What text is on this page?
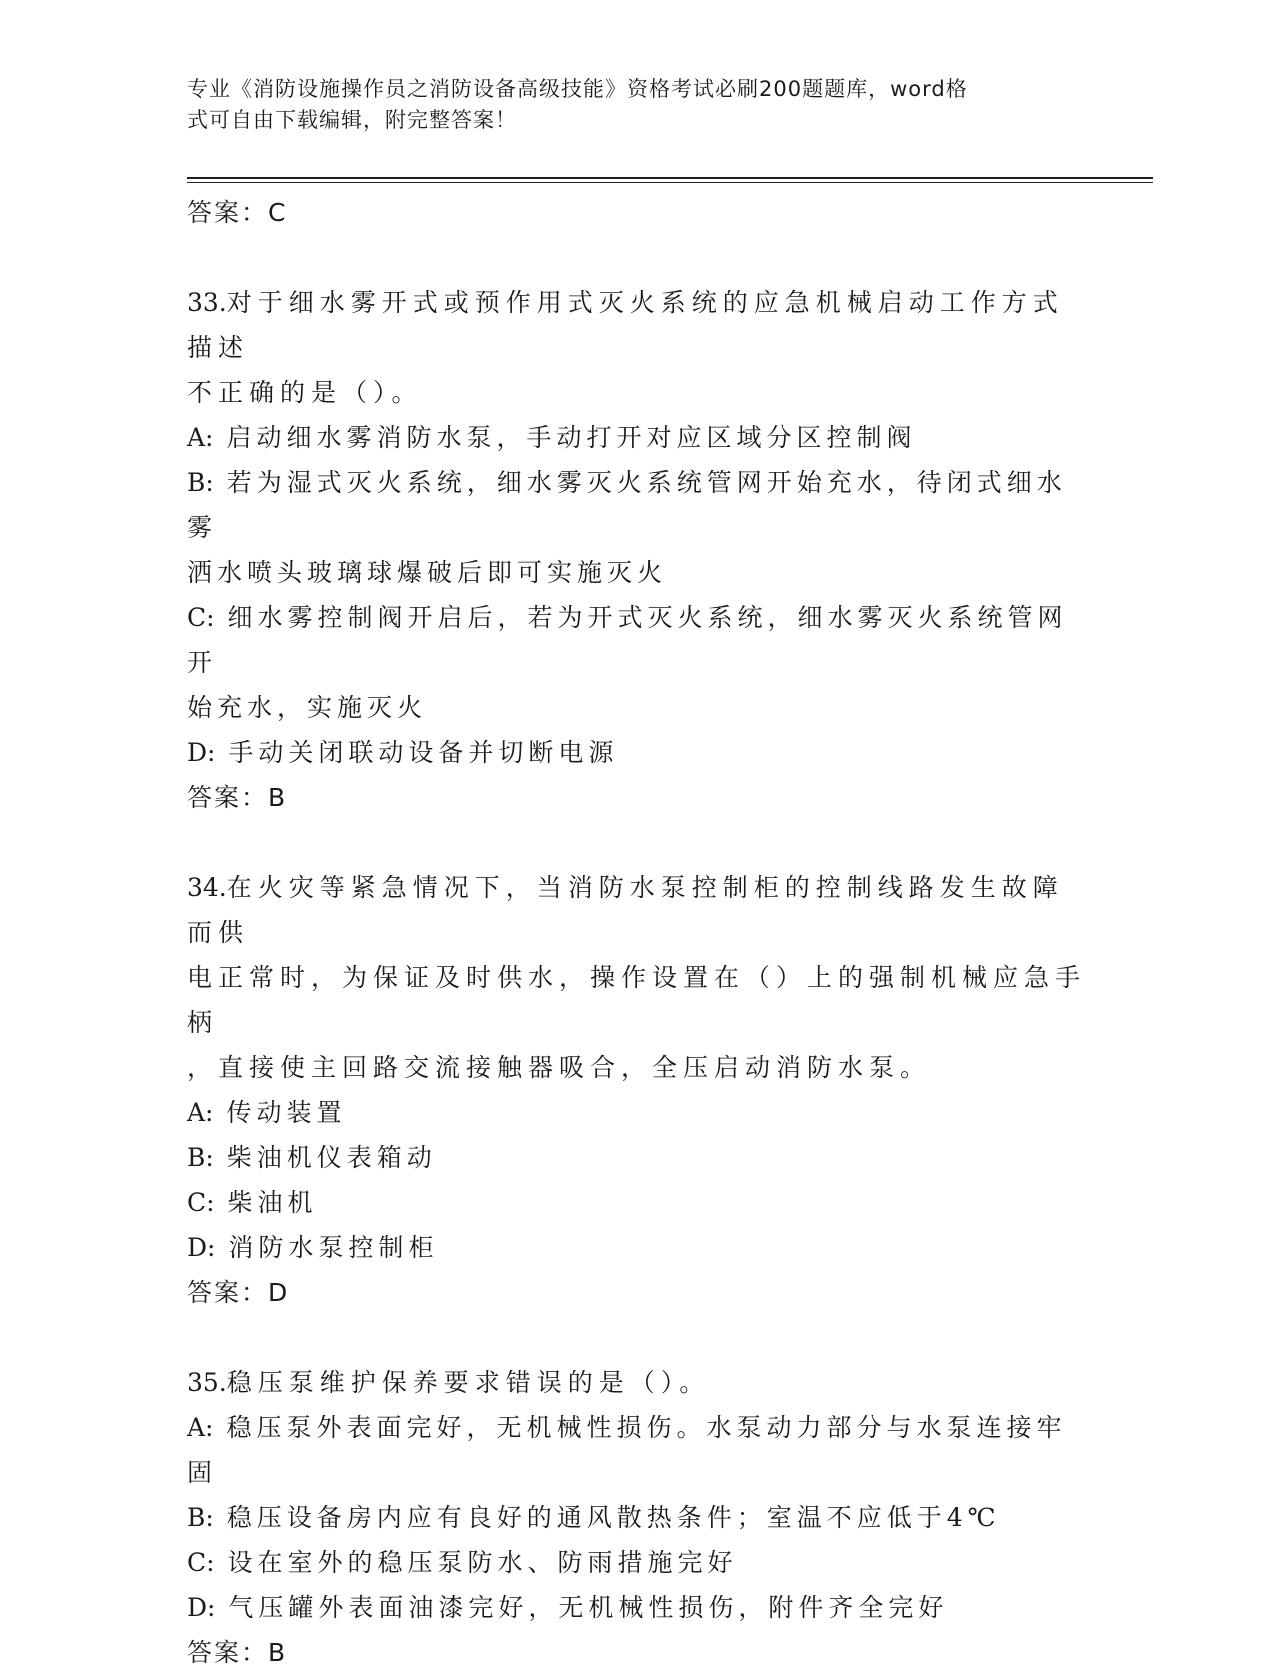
专业《消防设施操作员之消防设备高级技能》资格考试必刷200题题库，word格
式可自由下载编辑，附完整答案！
答案：C
33.对于细水雾开式或预作用式灭火系统的应急机械启动工作方式描述
不正确的是（）。
A: 启动细水雾消防水泵，手动打开对应区域分区控制阀
B: 若为湿式灭火系统，细水雾灭火系统管网开始充水，待闭式细水雾
洒水喷头玻璃球爆破后即可实施灭火
C: 细水雾控制阀开启后，若为开式灭火系统，细水雾灭火系统管网开
始充水，实施灭火
D: 手动关闭联动设备并切断电源
答案：B
34.在火灾等紧急情况下，当消防水泵控制柜的控制线路发生故障而供
电正常时，为保证及时供水，操作设置在（）上的强制机械应急手柄
，直接使主回路交流接触器吸合，全压启动消防水泵。
A: 传动装置
B: 柴油机仪表箱动
C: 柴油机
D: 消防水泵控制柜
答案：D
35.稳压泵维护保养要求错误的是（）。
A: 稳压泵外表面完好，无机械性损伤。水泵动力部分与水泵连接牢固
B: 稳压设备房内应有良好的通风散热条件；室温不应低于4℃
C: 设在室外的稳压泵防水、防雨措施完好
D: 气压罐外表面油漆完好，无机械性损伤，附件齐全完好
答案：B
